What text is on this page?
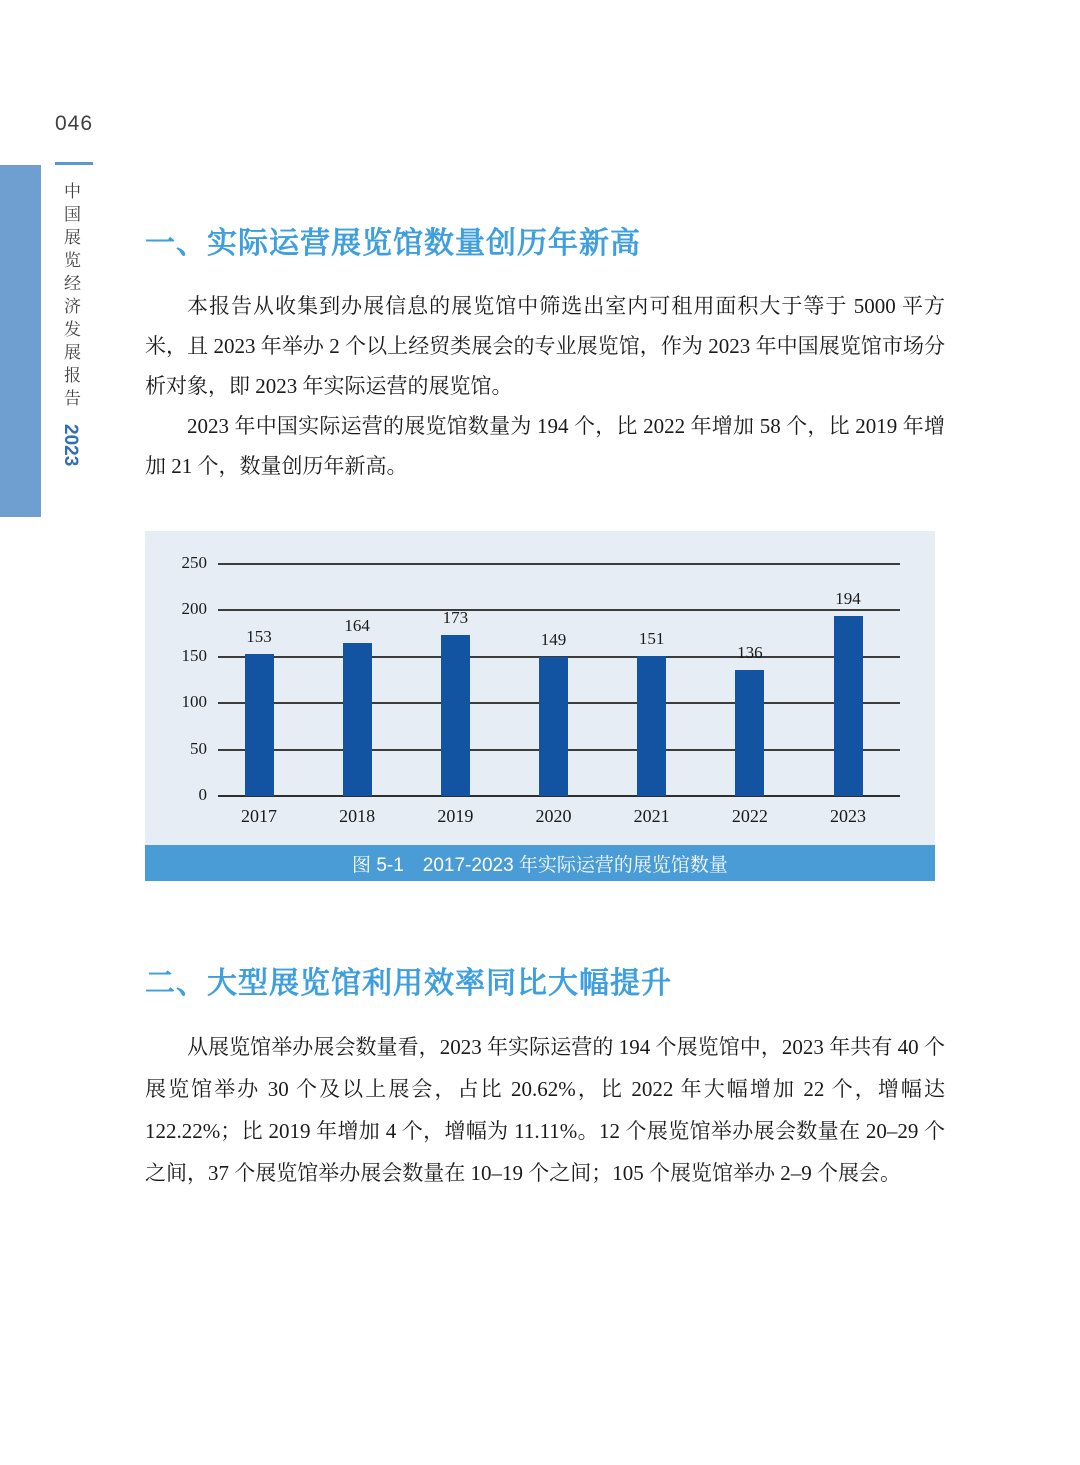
046
中国展览经济发展报告2023
一、实际运营展览馆数量创历年新高

本报告从收集到办展信息的展览馆中筛选出室内可租用面积大于等于 5000 平方米，且 2023 年举办 2 个以上经贸类展会的专业展览馆，作为 2023 年中国展览馆市场分析对象，即 2023 年实际运营的展览馆。

2023 年中国实际运营的展览馆数量为 194 个，比 2022 年增加 58 个，比 2019 年增加 21 个，数量创历年新高。

0
50
100
150
200
250
153
2017
164
2018
173
2019
149
2020
151
2021
136
2022
194
2023
图 5-1　2017-2023 年实际运营的展览馆数量
二、大型展览馆利用效率同比大幅提升

从展览馆举办展会数量看，2023 年实际运营的 194 个展览馆中，2023 年共有 40 个展览馆举办 30 个及以上展会，占比 20.62%，比 2022 年大幅增加 22 个，增幅达 122.22%；比 2019 年增加 4 个，增幅为 11.11%。12 个展览馆举办展会数量在 20–29 个之间，37 个展览馆举办展会数量在 10–19 个之间；105 个展览馆举办 2–9 个展会。
